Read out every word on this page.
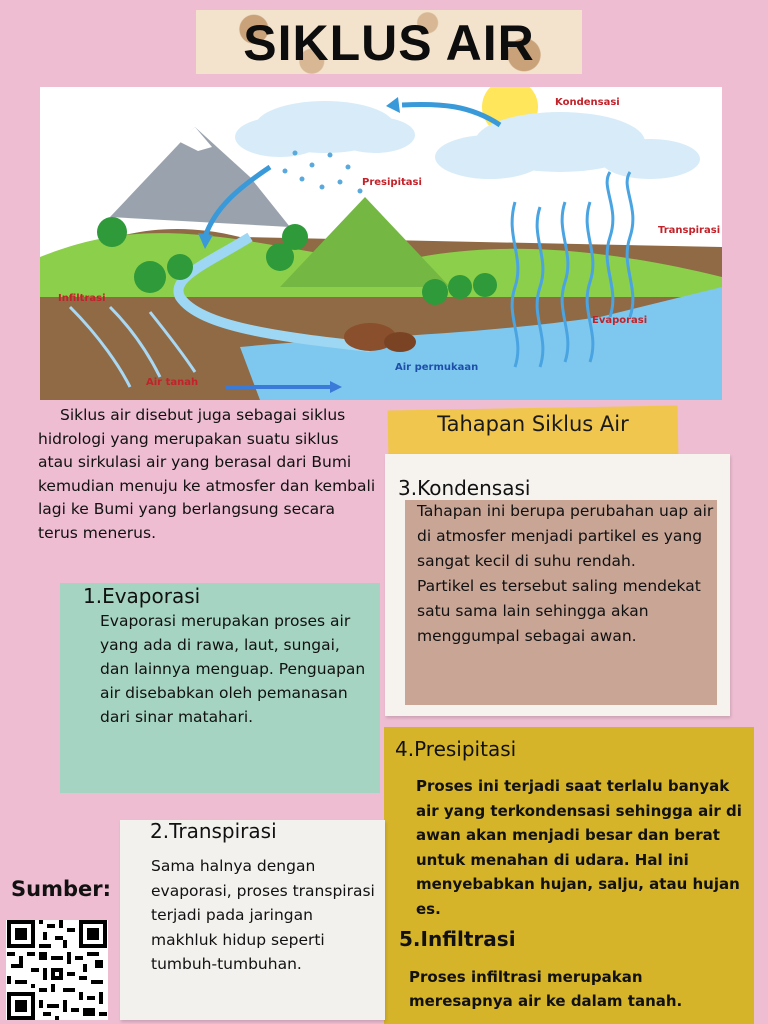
SIKLUS AIR
Kondensasi
Presipitasi
Transpirasi
Infiltrasi
Evaporasi
Air tanah
Air permukaan
Siklus air disebut juga sebagai siklus hidrologi yang merupakan suatu siklus atau sirkulasi air yang berasal dari Bumi kemudian menuju ke atmosfer dan kembali lagi ke Bumi yang berlangsung secara terus menerus.
Tahapan Siklus Air
3.Kondensasi
Tahapan ini berupa perubahan uap air di atmosfer menjadi partikel es yang sangat kecil di suhu rendah.
Partikel es tersebut saling mendekat satu sama lain sehingga akan menggumpal sebagai awan.
1.Evaporasi
Evaporasi merupakan proses air yang ada di rawa, laut, sungai, dan lainnya menguap. Penguapan air disebabkan oleh pemanasan dari sinar matahari.
4.Presipitasi
Proses ini terjadi saat terlalu banyak air yang terkondensasi sehingga air di awan akan menjadi besar dan berat untuk menahan di udara. Hal ini menyebabkan hujan, salju, atau hujan es.
5.Infiltrasi
Proses infiltrasi merupakan meresapnya air ke dalam tanah.
2.Transpirasi
Sama halnya dengan evaporasi, proses transpirasi terjadi pada jaringan makhluk hidup seperti tumbuh-tumbuhan.
Sumber:
